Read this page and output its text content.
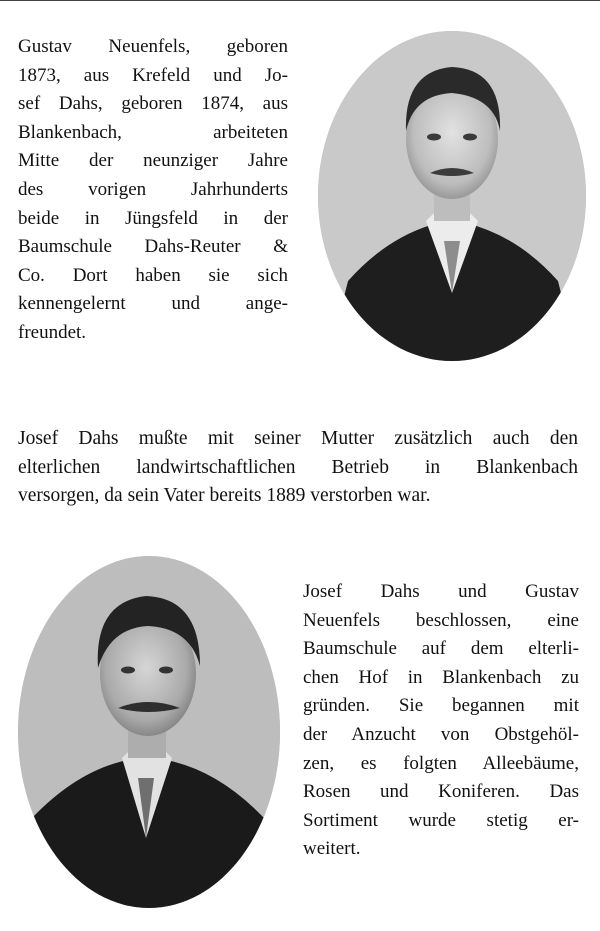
Gustav Neuenfels, geboren
1873, aus Krefeld und Jo-
sef Dahs, geboren 1874, aus
Blankenbach, arbeiteten
Mitte der neunziger Jahre
des vorigen Jahrhunderts
beide in Jüngsfeld in der
Baumschule Dahs-Reuter &
Co. Dort haben sie sich
kennengelernt und ange-
freundet.
Josef Dahs mußte mit seiner Mutter zusätzlich auch den
elterlichen landwirtschaftlichen Betrieb in Blankenbach
versorgen, da sein Vater bereits 1889 verstorben war.
Josef Dahs und Gustav
Neuenfels beschlossen, eine
Baumschule auf dem elterli-
chen Hof in Blankenbach zu
gründen. Sie begannen mit
der Anzucht von Obstgehöl-
zen, es folgten Alleebäume,
Rosen und Koniferen. Das
Sortiment wurde stetig er-
weitert.
